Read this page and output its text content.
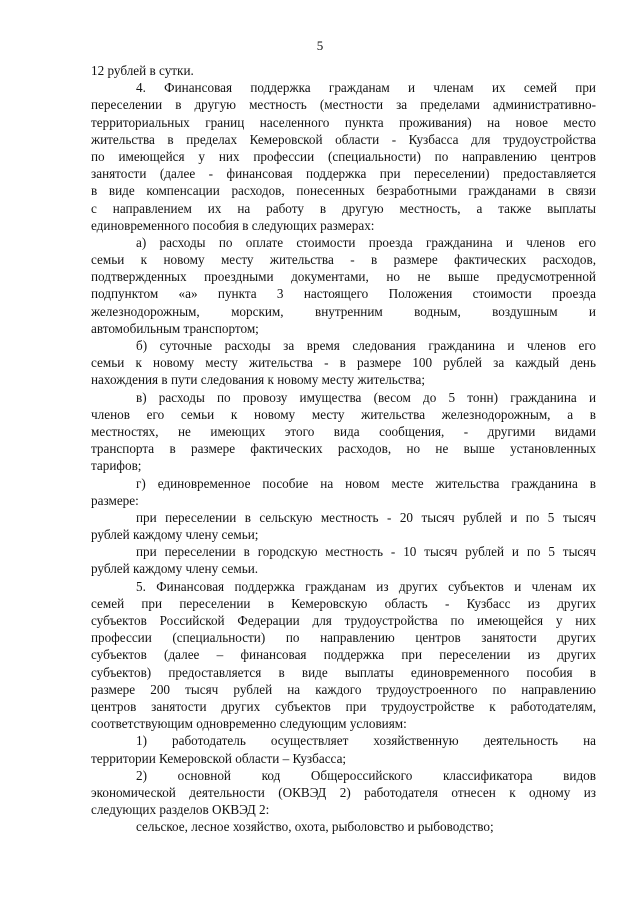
5
12 рублей в сутки.
4. Финансовая поддержка гражданам и членам их семей при
переселении в другую местность (местности за пределами административно-
территориальных границ населенного пункта проживания) на новое место
жительства в пределах Кемеровской области - Кузбасса для трудоустройства
по имеющейся у них профессии (специальности) по направлению центров
занятости (далее - финансовая поддержка при переселении) предоставляется
в виде компенсации расходов, понесенных безработными гражданами в связи
с направлением их на работу в другую местность, а также выплаты
единовременного пособия в следующих размерах:
а) расходы по оплате стоимости проезда гражданина и членов его
семьи к новому месту жительства - в размере фактических расходов,
подтвержденных проездными документами, но не выше предусмотренной
подпунктом «а» пункта 3 настоящего Положения стоимости проезда
железнодорожным, морским, внутренним водным, воздушным и
автомобильным транспортом;
б) суточные расходы за время следования гражданина и членов его
семьи к новому месту жительства - в размере 100 рублей за каждый день
нахождения в пути следования к новому месту жительства;
в) расходы по провозу имущества (весом до 5 тонн) гражданина и
членов его семьи к новому месту жительства железнодорожным, а в
местностях, не имеющих этого вида сообщения, - другими видами
транспорта в размере фактических расходов, но не выше установленных
тарифов;
г) единовременное пособие на новом месте жительства гражданина в
размере:
при переселении в сельскую местность - 20 тысяч рублей и по 5 тысяч
рублей каждому члену семьи;
при переселении в городскую местность - 10 тысяч рублей и по 5 тысяч
рублей каждому члену семьи.
5. Финансовая поддержка гражданам из других субъектов и членам их
семей при переселении в Кемеровскую область - Кузбасс из других
субъектов Российской Федерации для трудоустройства по имеющейся у них
профессии (специальности) по направлению центров занятости других
субъектов (далее – финансовая поддержка при переселении из других
субъектов) предоставляется в виде выплаты единовременного пособия в
размере 200 тысяч рублей на каждого трудоустроенного по направлению
центров занятости других субъектов при трудоустройстве к работодателям,
соответствующим одновременно следующим условиям:
1) работодатель осуществляет хозяйственную деятельность на
территории Кемеровской области – Кузбасса;
2) основной код Общероссийского классификатора видов
экономической деятельности (ОКВЭД 2) работодателя отнесен к одному из
следующих разделов ОКВЭД 2:
сельское, лесное хозяйство, охота, рыболовство и рыбоводство;
